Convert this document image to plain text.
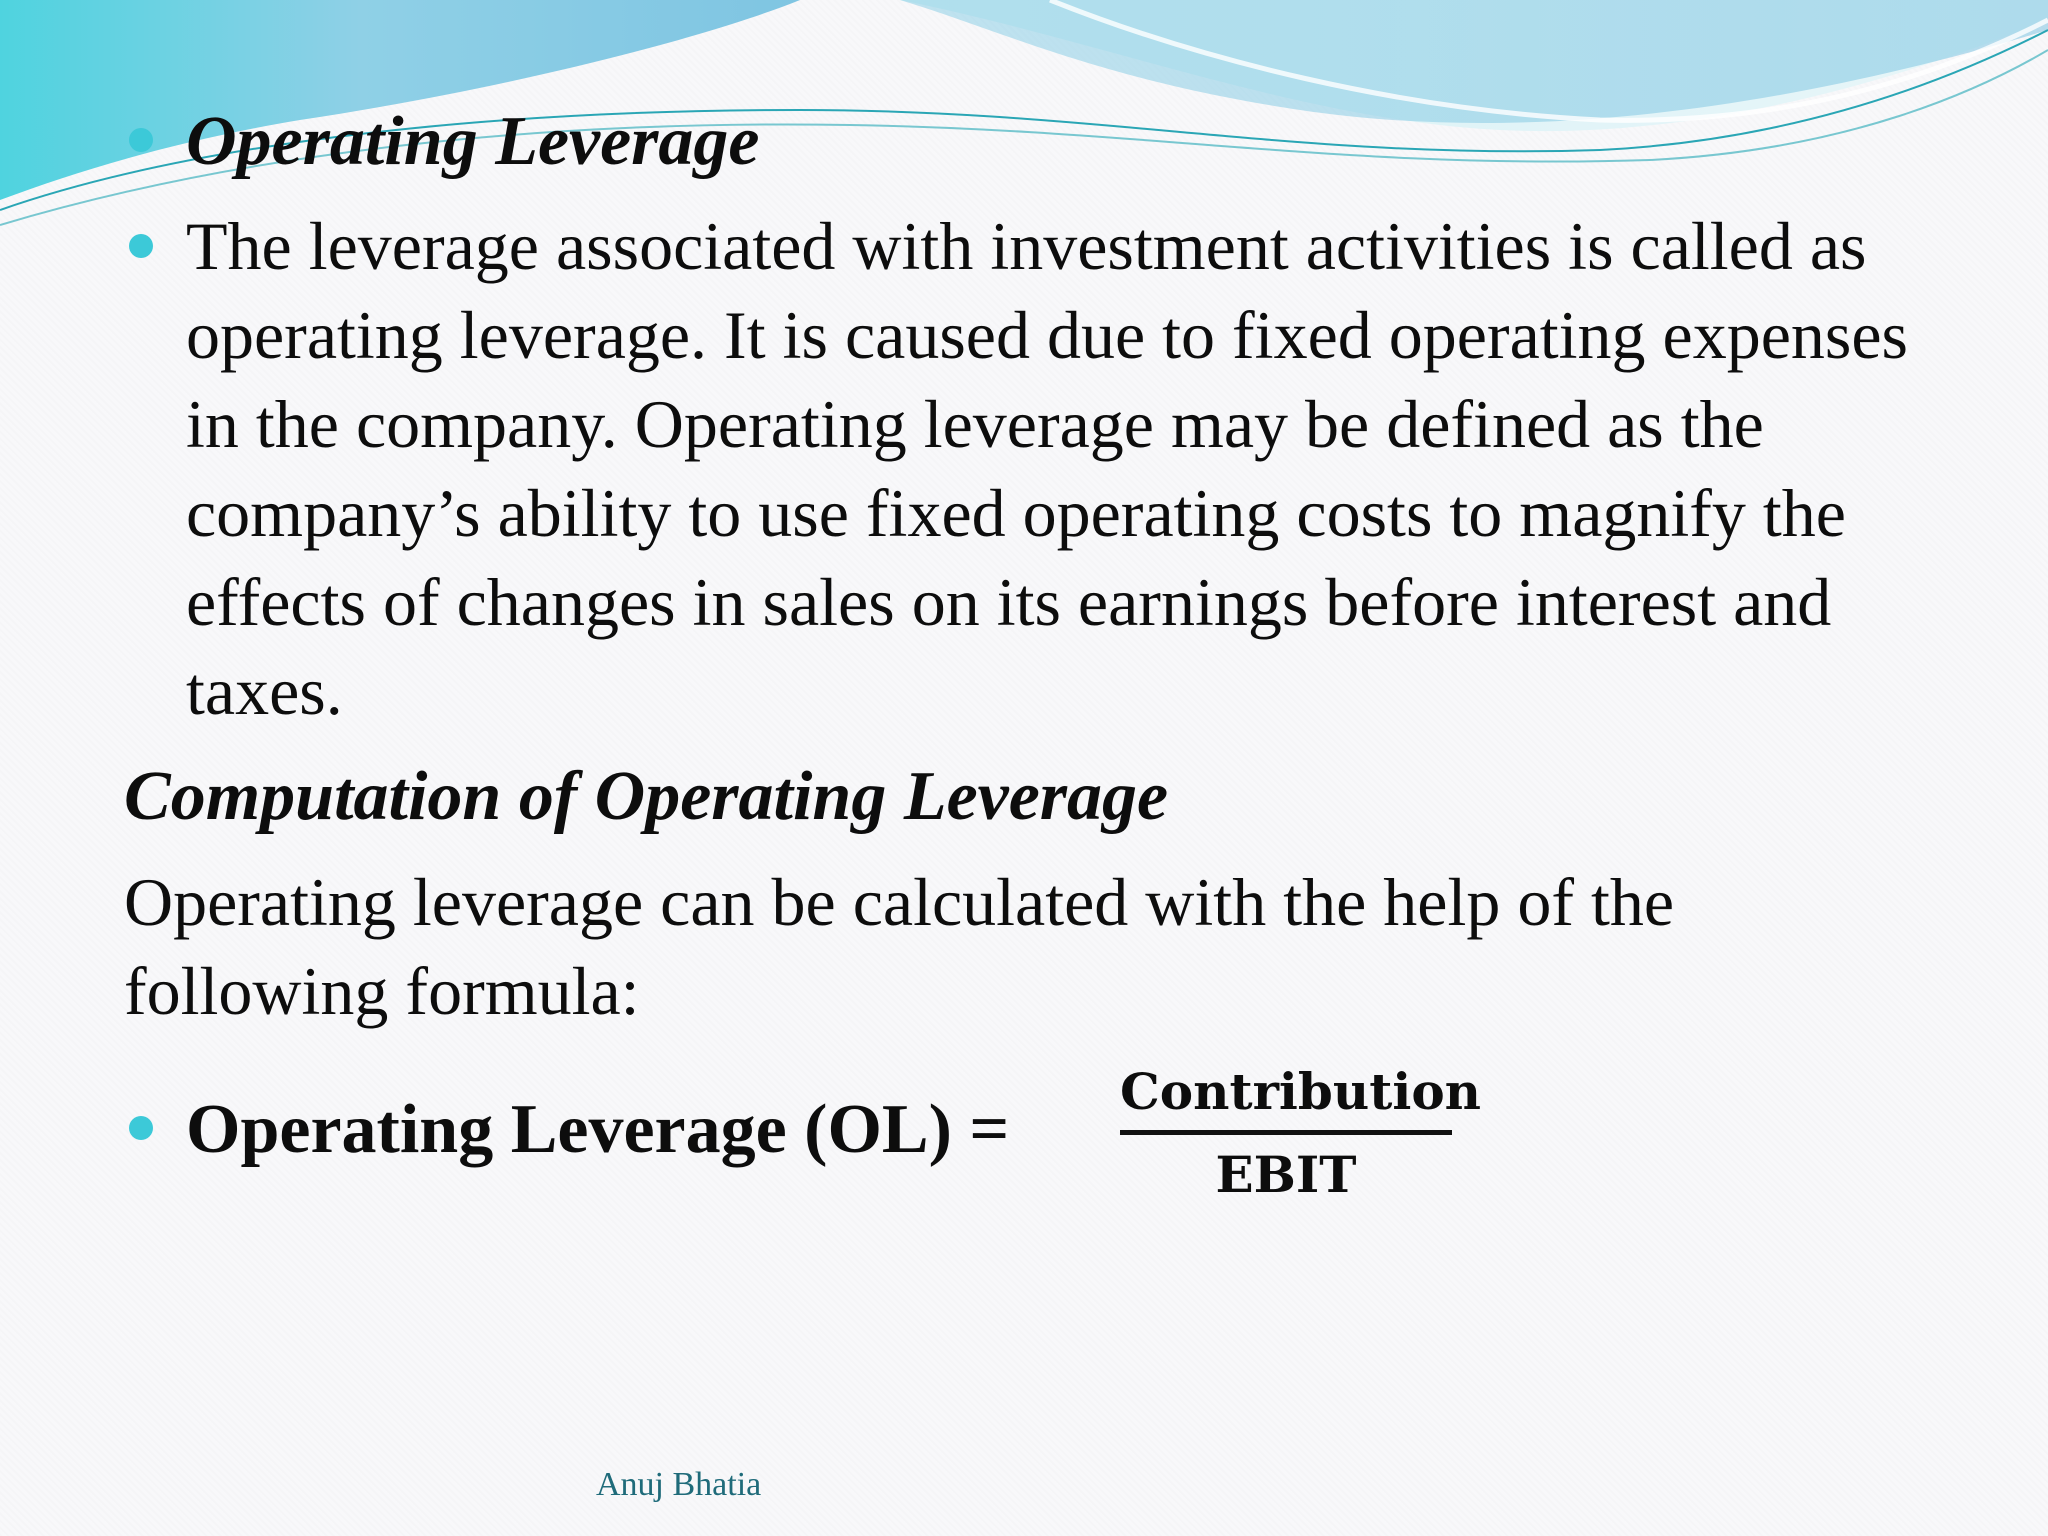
Operating Leverage

The leverage associated with investment activities is called as operating leverage. It is caused due to fixed operating expenses in the company. Operating leverage may be defined as the company’s ability to use fixed operating costs to magnify the effects of changes in sales on its earnings before interest and taxes.

Computation of Operating Leverage

Operating leverage can be calculated with the help of the following formula:

Operating Leverage (OL) = Contribution
EBIT
Anuj Bhatia
